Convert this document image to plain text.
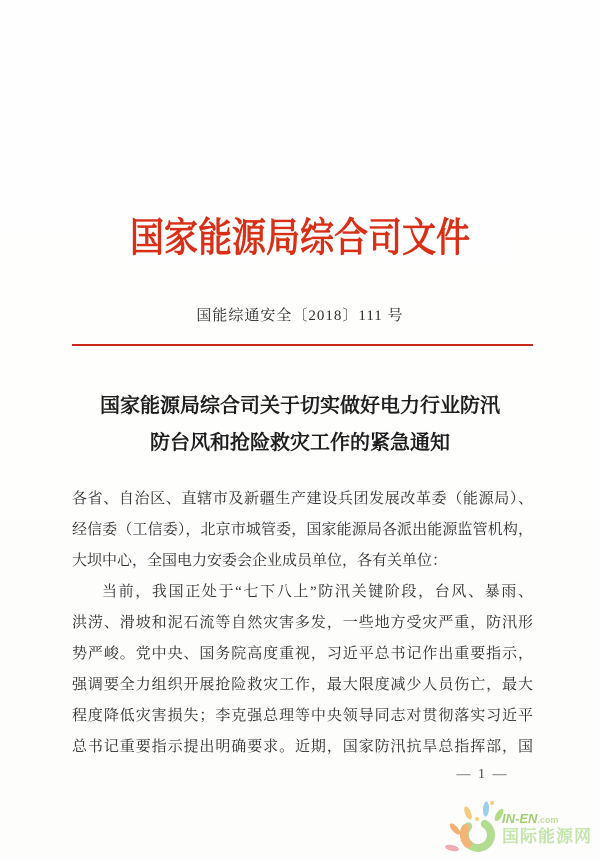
国家能源局综合司文件
国能综通安全〔2018〕111 号
国家能源局综合司关于切实做好电力行业防汛
防台风和抢险救灾工作的紧急通知
各省、自治区、直辖市及新疆生产建设兵团发展改革委（能源局）、
经信委（工信委），北京市城管委，国家能源局各派出能源监管机构，
大坝中心，全国电力安委会企业成员单位，各有关单位：
当前，我国正处于“七下八上”防汛关键阶段，台风、暴雨、
洪涝、滑坡和泥石流等自然灾害多发，一些地方受灾严重，防汛形
势严峻。党中央、国务院高度重视，习近平总书记作出重要指示，
强调要全力组织开展抢险救灾工作，最大限度减少人员伤亡，最大
程度降低灾害损失；李克强总理等中央领导同志对贯彻落实习近平
总书记重要指示提出明确要求。近期，国家防汛抗旱总指挥部，国
— 1 —
IN-EN.com
国际能源网
